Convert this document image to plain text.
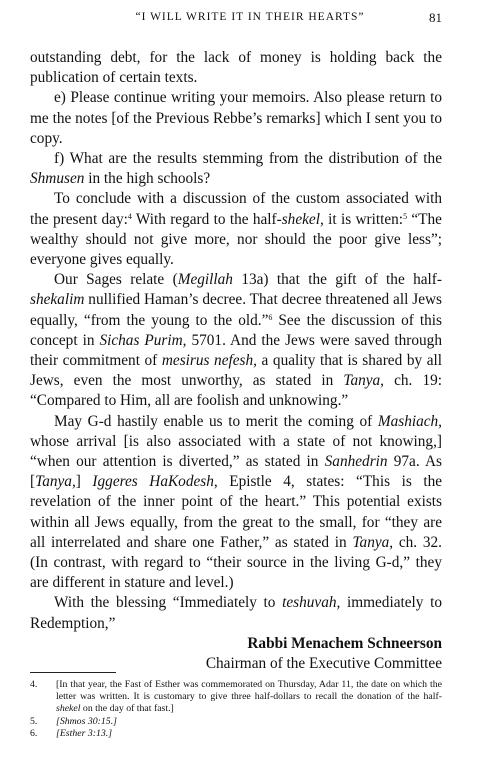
“I WILL WRITE IT IN THEIR HEARTS”	81

outstanding debt, for the lack of money is holding back the publication of certain texts.

e) Please continue writing your memoirs. Also please return to me the notes [of the Previous Rebbe’s remarks] which I sent you to copy.

f) What are the results stemming from the distribution of the Shmusen in the high schools?

To conclude with a discussion of the custom associated with the present day:$^4$ With regard to the half-shekel, it is written:$^5$ “The wealthy should not give more, nor should the poor give less”; everyone gives equally.

Our Sages relate (Megillah 13a) that the gift of the half-shekalim nullified Haman’s decree. That decree threatened all Jews equally, “from the young to the old.”$^6$ See the discussion of this concept in Sichas Purim, 5701. And the Jews were saved through their commitment of mesirus nefesh, a quality that is shared by all Jews, even the most unworthy, as stated in Tanya, ch. 19: “Compared to Him, all are foolish and unknowing.”

May G-d hastily enable us to merit the coming of Mashiach, whose arrival [is also associated with a state of not knowing,] “when our attention is diverted,” as stated in Sanhedrin 97a. As [Tanya,] Iggeres HaKodesh, Epistle 4, states: “This is the revelation of the inner point of the heart.” This potential exists within all Jews equally, from the great to the small, for “they are all interrelated and share one Father,” as stated in Tanya, ch. 32. (In contrast, with regard to “their source in the living G-d,” they are different in stature and level.)

With the blessing “Immediately to teshuvah, immediately to Redemption,”

Rabbi Menachem Schneerson

Chairman of the Executive Committee

4.	[In that year, the Fast of Esther was commemorated on Thursday, Adar 11, the date on which the letter was written. It is customary to give three half-dollars to recall the donation of the half-shekel on the day of that fast.]
5.	[Shmos 30:15.]
6.	[Esther 3:13.]
